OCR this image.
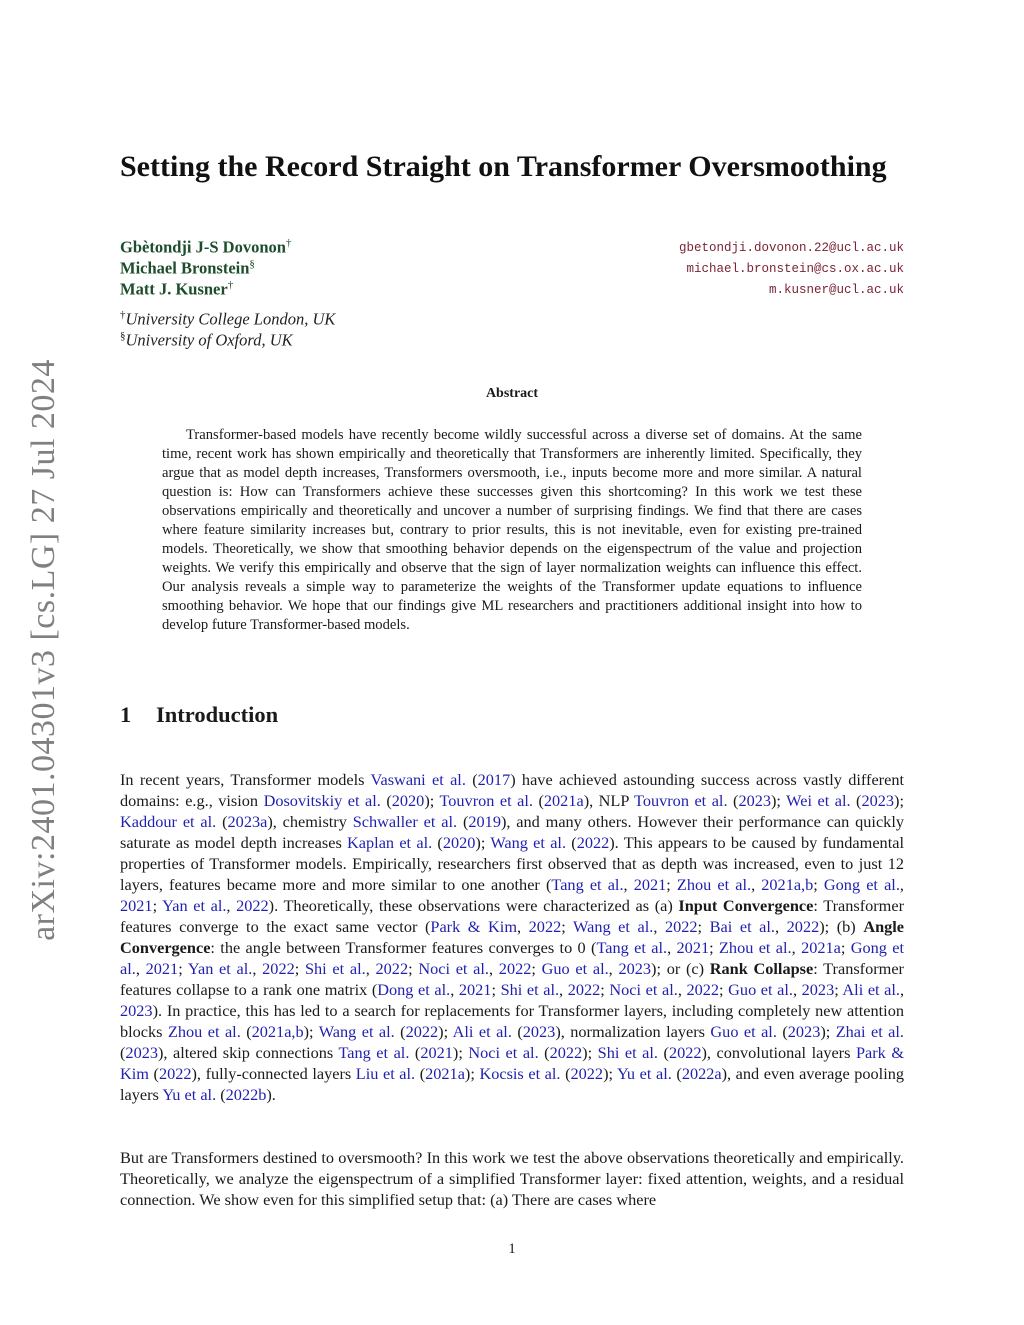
arXiv:2401.04301v3 [cs.LG] 27 Jul 2024
Setting the Record Straight on Transformer Oversmoothing
Gbètondji J-S Dovonon†	gbetondji.dovonon.22@ucl.ac.uk
Michael Bronstein§	michael.bronstein@cs.ox.ac.uk
Matt J. Kusner†	m.kusner@ucl.ac.uk
†University College London, UK
§University of Oxford, UK
Abstract

Transformer-based models have recently become wildly successful across a diverse set of domains. At the same time, recent work has shown empirically and theoretically that Transformers are inherently limited. Specifically, they argue that as model depth increases, Transformers oversmooth, i.e., inputs become more and more similar. A natural question is: How can Transformers achieve these successes given this shortcoming? In this work we test these observations empirically and theoretically and uncover a number of surprising findings. We find that there are cases where feature similarity increases but, contrary to prior results, this is not inevitable, even for existing pre-trained models. Theoretically, we show that smoothing behavior depends on the eigenspectrum of the value and projection weights. We verify this empirically and observe that the sign of layer normalization weights can influence this effect. Our analysis reveals a simple way to parameterize the weights of the Transformer update equations to influence smoothing behavior. We hope that our findings give ML researchers and practitioners additional insight into how to develop future Transformer-based models.

1 Introduction

In recent years, Transformer models Vaswani et al. (2017) have achieved astounding success across vastly different domains: e.g., vision Dosovitskiy et al. (2020); Touvron et al. (2021a), NLP Touvron et al. (2023); Wei et al. (2023); Kaddour et al. (2023a), chemistry Schwaller et al. (2019), and many others. However their performance can quickly saturate as model depth increases Kaplan et al. (2020); Wang et al. (2022). This appears to be caused by fundamental properties of Transformer models. Empirically, researchers first observed that as depth was increased, even to just 12 layers, features became more and more similar to one another (Tang et al., 2021; Zhou et al., 2021a,b; Gong et al., 2021; Yan et al., 2022). Theoretically, these observations were characterized as (a) Input Convergence: Transformer features converge to the exact same vector (Park & Kim, 2022; Wang et al., 2022; Bai et al., 2022); (b) Angle Convergence: the angle between Transformer features converges to 0 (Tang et al., 2021; Zhou et al., 2021a; Gong et al., 2021; Yan et al., 2022; Shi et al., 2022; Noci et al., 2022; Guo et al., 2023); or (c) Rank Collapse: Transformer features collapse to a rank one matrix (Dong et al., 2021; Shi et al., 2022; Noci et al., 2022; Guo et al., 2023; Ali et al., 2023). In practice, this has led to a search for replacements for Transformer layers, including completely new attention blocks Zhou et al. (2021a,b); Wang et al. (2022); Ali et al. (2023), normalization layers Guo et al. (2023); Zhai et al. (2023), altered skip connections Tang et al. (2021); Noci et al. (2022); Shi et al. (2022), convolutional layers Park & Kim (2022), fully-connected layers Liu et al. (2021a); Kocsis et al. (2022); Yu et al. (2022a), and even average pooling layers Yu et al. (2022b).

But are Transformers destined to oversmooth? In this work we test the above observations theoretically and empirically. Theoretically, we analyze the eigenspectrum of a simplified Transformer layer: fixed attention, weights, and a residual connection. We show even for this simplified setup that: (a) There are cases where

1
